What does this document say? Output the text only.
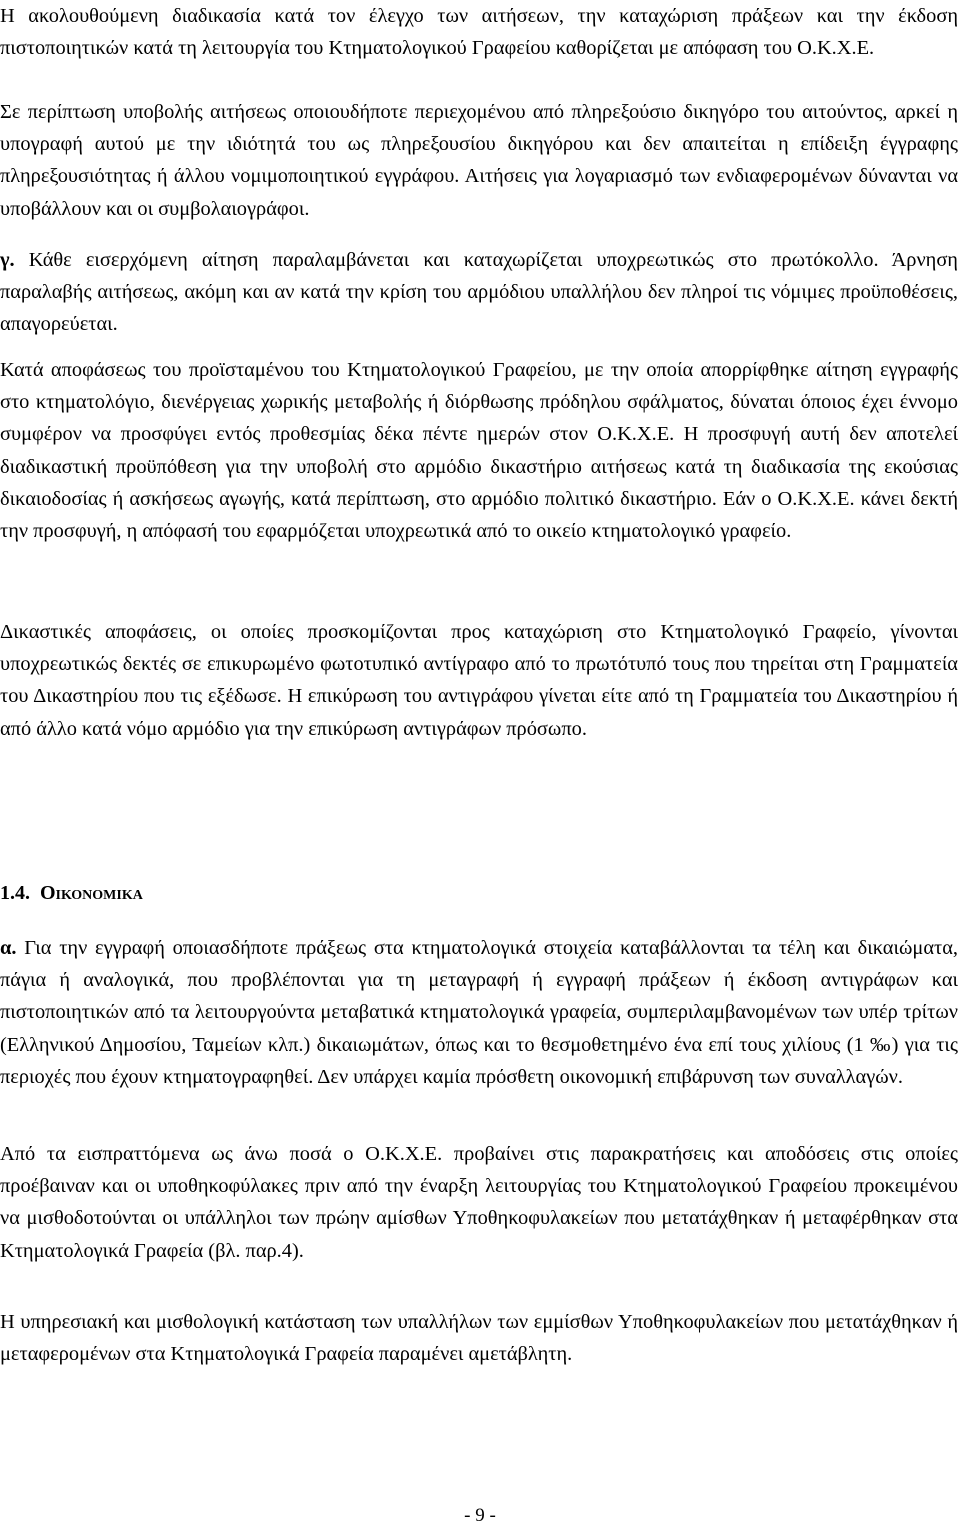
Η ακολουθούμενη διαδικασία κατά τον έλεγχο των αιτήσεων, την καταχώριση πράξεων και την έκδοση πιστοποιητικών κατά τη λειτουργία του Κτηματολογικού Γραφείου καθορίζεται με απόφαση του Ο.Κ.Χ.Ε.

Σε περίπτωση υποβολής αιτήσεως οποιουδήποτε περιεχομένου από πληρεξούσιο δικηγόρο του αιτούντος, αρκεί η υπογραφή αυτού με την ιδιότητά του ως πληρεξουσίου δικηγόρου και δεν απαιτείται η επίδειξη έγγραφης πληρεξουσιότητας ή άλλου νομιμοποιητικού εγγράφου. Αιτήσεις για λογαριασμό των ενδιαφερομένων δύνανται να υποβάλλουν και οι συμβολαιογράφοι.

γ. Κάθε εισερχόμενη αίτηση παραλαμβάνεται και καταχωρίζεται υποχρεωτικώς στο πρωτόκολλο. Άρνηση παραλαβής αιτήσεως, ακόμη και αν κατά την κρίση του αρμόδιου υπαλλήλου δεν πληροί τις νόμιμες προϋποθέσεις, απαγορεύεται.

Κατά αποφάσεως του προϊσταμένου του Κτηματολογικού Γραφείου, με την οποία απορρίφθηκε αίτηση εγγραφής στο κτηματολόγιο, διενέργειας χωρικής μεταβολής ή διόρθωσης πρόδηλου σφάλματος, δύναται όποιος έχει έννομο συμφέρον να προσφύγει εντός προθεσμίας δέκα πέντε ημερών στον Ο.Κ.Χ.Ε. Η προσφυγή αυτή δεν αποτελεί διαδικαστική προϋπόθεση για την υποβολή στο αρμόδιο δικαστήριο αιτήσεως κατά τη διαδικασία της εκούσιας δικαιοδοσίας ή ασκήσεως αγωγής, κατά περίπτωση, στο αρμόδιο πολιτικό δικαστήριο. Εάν ο Ο.Κ.Χ.Ε. κάνει δεκτή την προσφυγή, η απόφασή του εφαρμόζεται υποχρεωτικά από το οικείο κτηματολογικό γραφείο.

Δικαστικές αποφάσεις, οι οποίες προσκομίζονται προς καταχώριση στο Κτηματολογικό Γραφείο, γίνονται υποχρεωτικώς δεκτές σε επικυρωμένο φωτοτυπικό αντίγραφο από το πρωτότυπό τους που τηρείται στη Γραμματεία του Δικαστηρίου που τις εξέδωσε. Η επικύρωση του αντιγράφου γίνεται είτε από τη Γραμματεία του Δικαστηρίου ή από άλλο κατά νόμο αρμόδιο για την επικύρωση αντιγράφων πρόσωπο.

1.4. Οικονομικα

α. Για την εγγραφή οποιασδήποτε πράξεως στα κτηματολογικά στοιχεία καταβάλλονται τα τέλη και δικαιώματα, πάγια ή αναλογικά, που προβλέπονται για τη μεταγραφή ή εγγραφή πράξεων ή έκδοση αντιγράφων και πιστοποιητικών από τα λειτουργούντα μεταβατικά κτηματολογικά γραφεία, συμπεριλαμβανομένων των υπέρ τρίτων (Ελληνικού Δημοσίου, Ταμείων κλπ.) δικαιωμάτων, όπως και το θεσμοθετημένο ένα επί τους χιλίους (1 ‰) για τις περιοχές που έχουν κτηματογραφηθεί. Δεν υπάρχει καμία πρόσθετη οικονομική επιβάρυνση των συναλλαγών.

Από τα εισπραττόμενα ως άνω ποσά ο Ο.Κ.Χ.Ε. προβαίνει στις παρακρατήσεις και αποδόσεις στις οποίες προέβαιναν και οι υποθηκοφύλακες πριν από την έναρξη λειτουργίας του Κτηματολογικού Γραφείου προκειμένου να μισθοδοτούνται οι υπάλληλοι των πρώην αμίσθων Υποθηκοφυλακείων που μετατάχθηκαν ή μεταφέρθηκαν στα Κτηματολογικά Γραφεία (βλ. παρ.4).

Η υπηρεσιακή και μισθολογική κατάσταση των υπαλλήλων των εμμίσθων Υποθηκοφυλακείων που μετατάχθηκαν ή μεταφερομένων στα Κτηματολογικά Γραφεία παραμένει αμετάβλητη.

- 9 -
